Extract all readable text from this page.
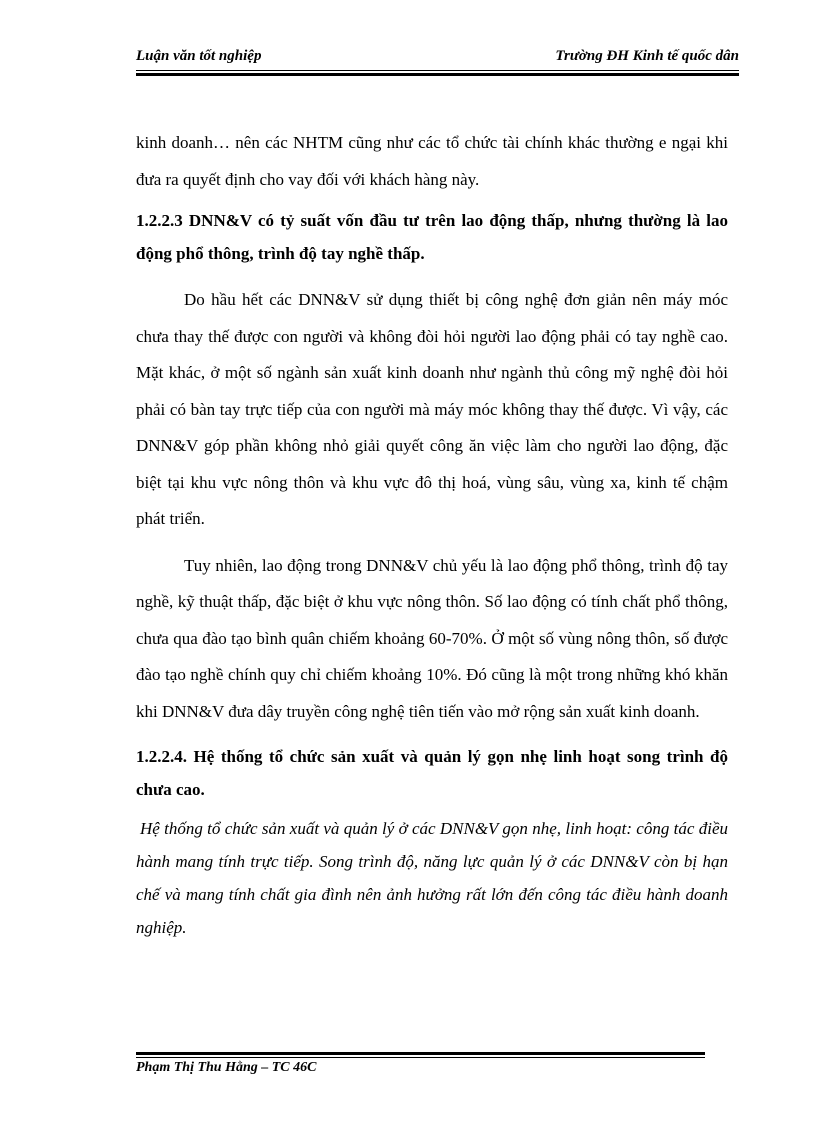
Luận văn tốt nghiệp	Trường ĐH Kinh tế quốc dân

kinh doanh… nên các NHTM cũng như các tổ chức tài chính khác thường e ngại khi đưa ra quyết định cho vay đối với khách hàng này.

1.2.2.3 DNN&V có tỷ suất vốn đầu tư trên lao động thấp, nhưng thường là lao động phổ thông, trình độ tay nghề thấp.

Do hầu hết các DNN&V sử dụng thiết bị công nghệ đơn giản nên máy móc chưa thay thế được con người và không đòi hỏi người lao động phải có tay nghề cao. Mặt khác, ở một số ngành sản xuất kinh doanh như ngành thủ công mỹ nghệ đòi hỏi phải có bàn tay trực tiếp của con người mà máy móc không thay thế được. Vì vậy, các DNN&V góp phần không nhỏ giải quyết công ăn việc làm cho người lao động, đặc biệt tại khu vực nông thôn và khu vực đô thị hoá, vùng sâu, vùng xa, kinh tế chậm phát triển.

Tuy nhiên, lao động trong DNN&V chủ yếu là lao động phổ thông, trình độ tay nghề, kỹ thuật thấp, đặc biệt ở khu vực nông thôn. Số lao động có tính chất phổ thông, chưa qua đào tạo bình quân chiếm khoảng 60-70%. Ở một số vùng nông thôn, số được đào tạo nghề chính quy chỉ chiếm khoảng 10%. Đó cũng là một trong những khó khăn khi DNN&V đưa dây truyền công nghệ tiên tiến vào mở rộng sản xuất kinh doanh.

1.2.2.4. Hệ thống tổ chức sản xuất và quản lý gọn nhẹ linh hoạt song trình độ chưa cao.

Hệ thống tổ chức sản xuất và quản lý ở các DNN&V gọn nhẹ, linh hoạt: công tác điều hành mang tính trực tiếp. Song trình độ, năng lực quản lý ở các DNN&V còn bị hạn chế và mang tính chất gia đình nên ảnh hưởng rất lớn đến công tác điều hành doanh nghiệp.

Phạm Thị Thu Hằng – TC 46C
